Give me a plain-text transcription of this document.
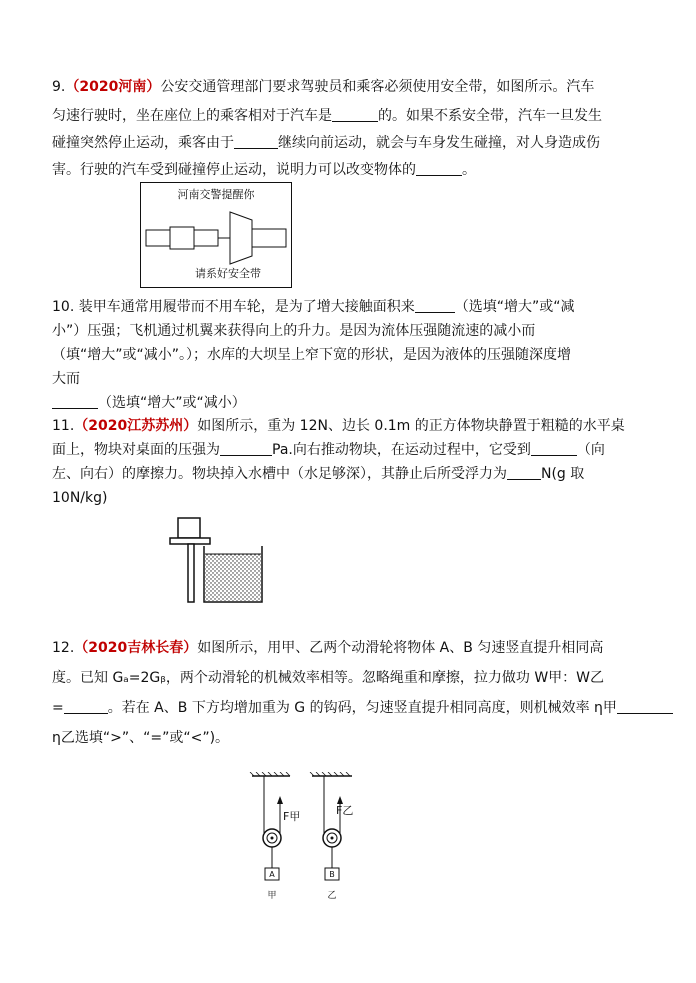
9.（2020河南）公安交通管理部门要求驾驶员和乘客必须使用安全带，如图所示。汽车
匀速行驶时，坐在座位上的乘客相对于汽车是	的。如果不系安全带，汽车一旦发生
碰撞突然停止运动，乘客由于	继续向前运动，就会与车身发生碰撞，对人身造成伤
害。行驶的汽车受到碰撞停止运动，说明力可以改变物体的	。
河南交警提醒你
请系好安全带
10. 装甲车通常用履带而不用车轮，是为了增大接触面积来	（选填“增大”或“减
小”）压强；飞机通过机翼来获得向上的升力。是因为流体压强随流速的减小而
（填“增大”或“减小”。）；水库的大坝呈上窄下宽的形状，是因为液体的压强随深度增
大而
（选填“增大”或“减小）
11.（2020江苏苏州）如图所示，重为 12N、边长 0.1m 的正方体物块静置于粗糙的水平桌
面上，物块对桌面的压强为	Pa.向右推动物块，在运动过程中，它受到	（向
左、向右）的摩擦力。物块掉入水槽中（水足够深），其静止后所受浮力为 N(g 取
10N/kg)
12.（2020吉林长春）如图所示，用甲、乙两个动滑轮将物体 A、B 匀速竖直提升相同高
度。已知 Gₐ=2Gᵦ，两个动滑轮的机械效率相等。忽略绳重和摩擦，拉力做功 W甲：W乙
=	。若在 A、B 下方均增加重为 G 的钩码，匀速竖直提升相同高度，则机械效率 η甲
η乙选填“>”、“=”或“<”)。
A
F甲
甲
B
F乙
乙
